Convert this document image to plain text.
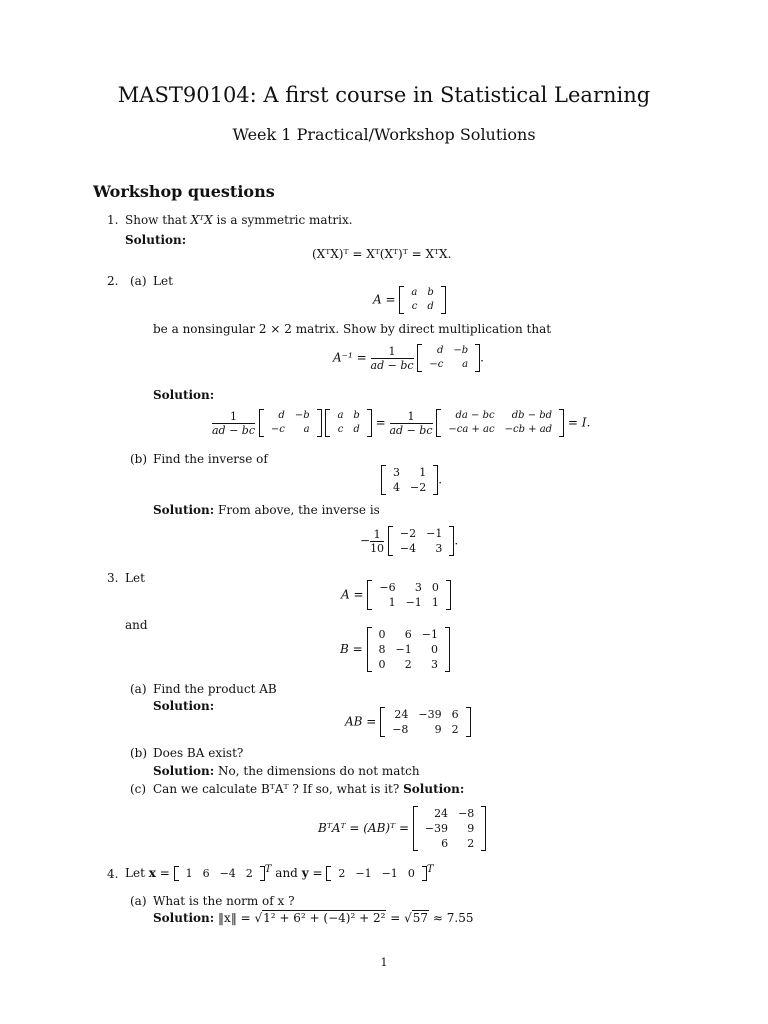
MAST90104: A first course in Statistical Learning
Week 1 Practical/Workshop Solutions
Workshop questions
1. Show that XᵀX is a symmetric matrix.
Solution:
(XᵀX)ᵀ = Xᵀ(Xᵀ)ᵀ = XᵀX.
2. (a) Let
A = a	b
c	d
be a nonsingular 2 × 2 matrix. Show by direct multiplication that
$A^{-1} = \frac{1}{ad - bc}$
d	−b
−c	a .
Solution:
$\frac{1}{ad - bc}$
d	−b
−c	a

a	b
c	$d = \frac{1}{ad - bc}$
da − bc	db − bd
−ca + ac	−cb + ad = I.
(b) Find the inverse of
3	1
4	−2
.
Solution: From above, the inverse is
− $\frac{1}{10}$
−2	−1
−4	3
.
3. Let
A = −6	3	0
1	−1	1
and
B =
0	6	−1
8	−1	0
0	2	3
(a) Find the product AB
Solution:
AB = 24	−39	6
−8	9	2
(b) Does BA exist?
Solution: No, the dimensions do not match
(c) Can we calculate BᵀAᵀ ? If so, what is it? Solution:
BᵀAᵀ = (AB)ᵀ =
24	−8
−39	9
6	2
4. Let x = 1	6	−4	2 $^T$ and y = 2	−1	−1	0 $^T$
(a) What is the norm of x ?
Solution: ‖x‖ = √1² + 6² + (−4)² + 2² = √57 ≈ 7.55
1
